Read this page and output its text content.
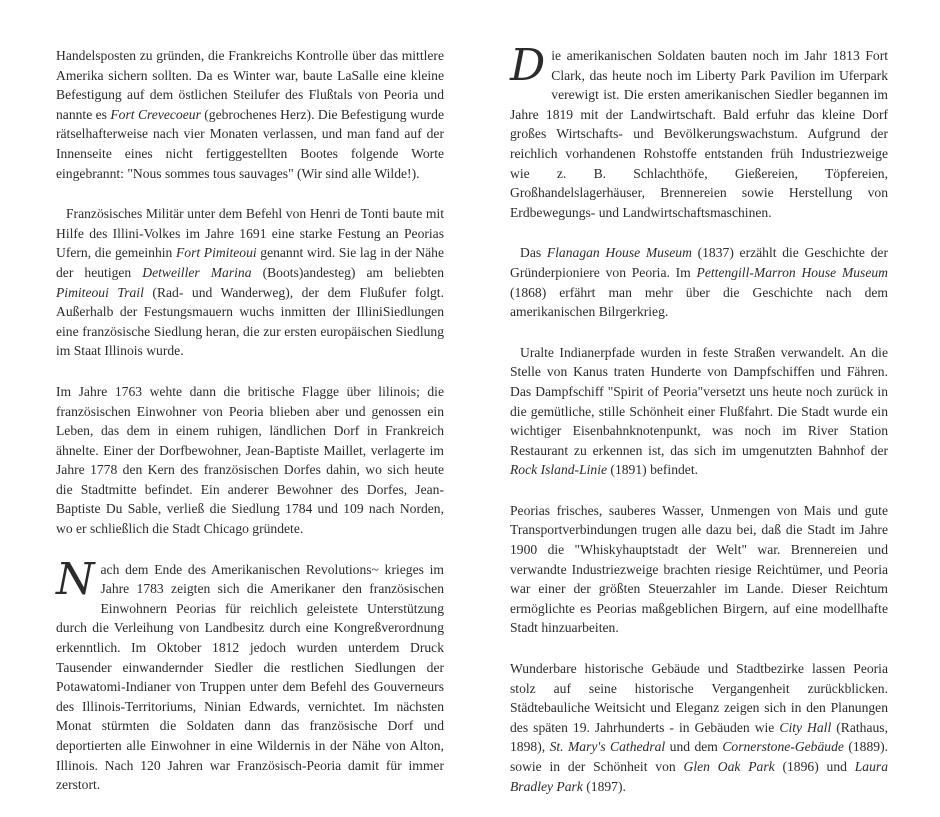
Handelsposten zu gründen, die Frankreichs Kontrolle über das mittlere Amerika sichern sollten. Da es Winter war, baute LaSalle eine kleine Befestigung auf dem östlichen Steilufer des Flußtals von Peoria und nannte es Fort Crevecoeur (gebrochenes Herz). Die Befestigung wurde rätselhafterweise nach vier Monaten verlassen, und man fand auf der Innenseite eines nicht fertiggestellten Bootes folgende Worte eingebrannt: "Nous sommes tous sauvages" (Wir sind alle Wilde!).

Französisches Militär unter dem Befehl von Henri de Tonti baute mit Hilfe des Illini-Volkes im Jahre 1691 eine starke Festung an Peorias Ufern, die gemeinhin Fort Pimiteoui genannt wird. Sie lag in der Nähe der heutigen Detweiller Marina (Boots)andesteg) am beliebten Pimiteoui Trail (Rad- und Wanderweg), der dem Flußufer folgt. Außerhalb der Festungsmauern wuchs inmitten der IlliniSiedlungen eine französische Siedlung heran, die zur ersten europäischen Siedlung im Staat Illinois wurde.

Im Jahre 1763 wehte dann die britische Flagge über lilinois; die französischen Einwohner von Peoria blieben aber und genossen ein Leben, das dem in einem ruhigen, ländlichen Dorf in Frankreich ähnelte. Einer der Dorfbewohner, Jean-Baptiste Maillet, verlagerte im Jahre 1778 den Kern des französischen Dorfes dahin, wo sich heute die Stadtmitte befindet. Ein anderer Bewohner des Dorfes, Jean-Baptiste Du Sable, verließ die Siedlung 1784 und 109 nach Norden, wo er schließlich die Stadt Chicago gründete.

Nach dem Ende des Amerikanischen Revolutions~ krieges im Jahre 1783 zeigten sich die Amerikaner den französischen Einwohnern Peorias für reichlich geleistete Unterstützung durch die Verleihung von Landbesitz durch eine Kongreßverordnung erkenntlich. Im Oktober 1812 jedoch wurden unterdem Druck Tausender einwandernder Siedler die restlichen Siedlungen der Potawatomi-Indianer von Truppen unter dem Befehl des Gouverneurs des Illinois-Territoriums, Ninian Edwards, vernichtet. Im nächsten Monat stürmten die Soldaten dann das französische Dorf und deportierten alle Einwohner in eine Wildernis in der Nähe von Alton, Illinois. Nach 120 Jahren war Französisch-Peoria damit für immer zerstort.

Die amerikanischen Soldaten bauten noch im Jahr 1813 Fort Clark, das heute noch im Liberty Park Pavilion im Uferpark verewigt ist. Die ersten amerikanischen Siedler begannen im Jahre 1819 mit der Landwirtschaft. Bald erfuhr das kleine Dorf großes Wirtschafts- und Bevölkerungswachstum. Aufgrund der reichlich vorhandenen Rohstoffe entstanden früh Industriezweige wie z. B. Schlachthöfe, Gießereien, Töpfereien, Großhandelslagerhäuser, Brennereien sowie Herstellung von Erdbewegungs- und Landwirtschaftsmaschinen.

Das Flanagan House Museum (1837) erzählt die Geschichte der Gründerpioniere von Peoria. Im Pettengill-Marron House Museum (1868) erfährt man mehr über die Geschichte nach dem amerikanischen Bilrgerkrieg.

Uralte Indianerpfade wurden in feste Straßen verwandelt. An die Stelle von Kanus traten Hunderte von Dampfschiffen und Fähren. Das Dampfschiff "Spirit of Peoria"versetzt uns heute noch zurück in die gemütliche, stille Schönheit einer Flußfahrt. Die Stadt wurde ein wichtiger Eisenbahnknotenpunkt, was noch im River Station Restaurant zu erkennen ist, das sich im umgenutzten Bahnhof der Rock Island-Linie (1891) befindet.

Peorias frisches, sauberes Wasser, Unmengen von Mais und gute Transportverbindungen trugen alle dazu bei, daß die Stadt im Jahre 1900 die "Whiskyhauptstadt der Welt" war. Brennereien und verwandte Industriezweige brachten riesige Reichtümer, und Peoria war einer der größten Steuerzahler im Lande. Dieser Reichtum ermöglichte es Peorias maßgeblichen Birgern, auf eine modellhafte Stadt hinzuarbeiten.

Wunderbare historische Gebäude und Stadtbezirke lassen Peoria stolz auf seine historische Vergangenheit zurückblicken. Städtebauliche Weitsicht und Eleganz zeigen sich in den Planungen des späten 19. Jahrhunderts - in Gebäuden wie City Hall (Rathaus, 1898), St. Mary's Cathedral und dem Cornerstone-Gebäude (1889). sowie in der Schönheit von Glen Oak Park (1896) und Laura Bradley Park (1897).
